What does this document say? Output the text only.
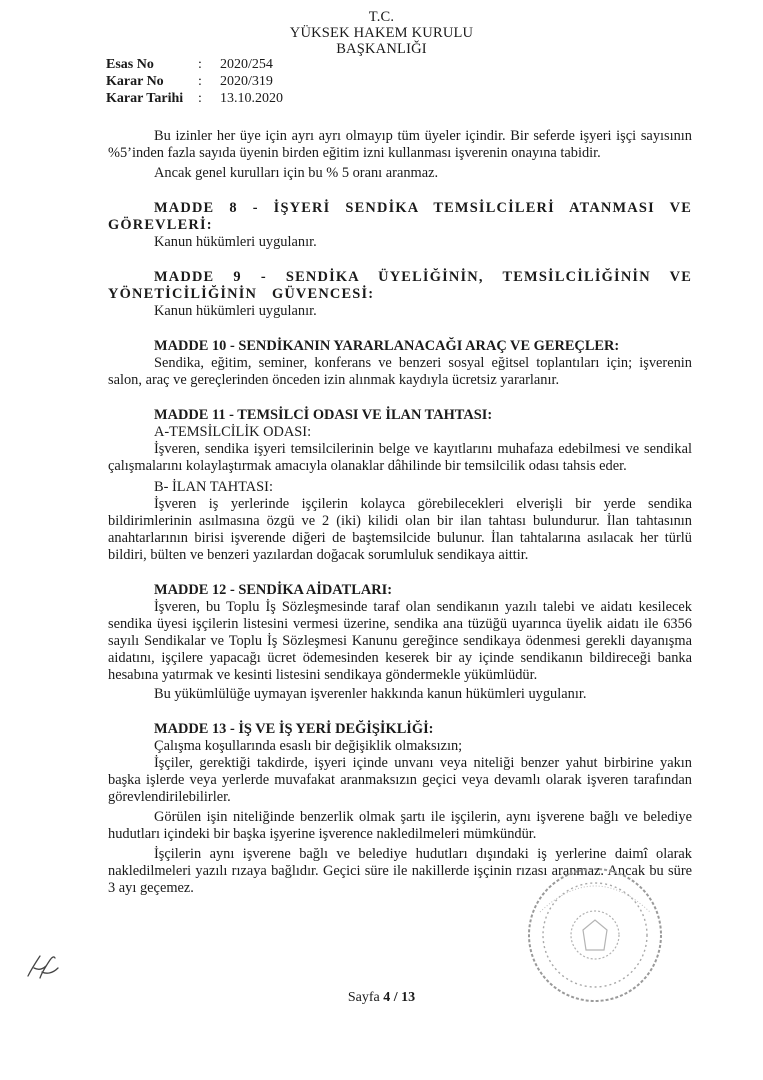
T.C.
YÜKSEK HAKEM KURULU
BAŞKANLIĞI
Esas No	:	2020/254
Karar No	:	2020/319
Karar Tarihi	:	13.10.2020

Bu izinler her üye için ayrı ayrı olmayıp tüm üyeler içindir. Bir seferde işyeri işçi sayısının %5’inden fazla sayıda üyenin birden eğitim izni kullanması işverenin onayına tabidir.

Ancak genel kurulları için bu % 5 oranı aranmaz.

MADDE 8 - İŞYERİ SENDİKA TEMSİLCİLERİ ATANMASI VE GÖREVLERİ:

Kanun hükümleri uygulanır.

MADDE 9 - SENDİKA ÜYELİĞİNİN, TEMSİLCİLİĞİNİN VE YÖNETİCİLİĞİNİN GÜVENCESİ:

Kanun hükümleri uygulanır.

MADDE 10 - SENDİKANIN YARARLANACAĞI ARAÇ VE GEREÇLER:

Sendika, eğitim, seminer, konferans ve benzeri sosyal eğitsel toplantıları için; işverenin salon, araç ve gereçlerinden önceden izin alınmak kaydıyla ücretsiz yararlanır.

MADDE 11 - TEMSİLCİ ODASI VE İLAN TAHTASI:

A-TEMSİLCİLİK ODASI:

İşveren, sendika işyeri temsilcilerinin belge ve kayıtlarını muhafaza edebilmesi ve sendikal çalışmalarını kolaylaştırmak amacıyla olanaklar dâhilinde bir temsilcilik odası tahsis eder.

B- İLAN TAHTASI:

İşveren iş yerlerinde işçilerin kolayca görebilecekleri elverişli bir yerde sendika bildirimlerinin asılmasına özgü ve 2 (iki) kilidi olan bir ilan tahtası bulundurur. İlan tahtasının anahtarlarının birisi işverende diğeri de baştemsilcide bulunur. İlan tahtalarına asılacak her türlü bildiri, bülten ve benzeri yazılardan doğacak sorumluluk sendikaya aittir.

MADDE 12 - SENDİKA AİDATLARI:

İşveren, bu Toplu İş Sözleşmesinde taraf olan sendikanın yazılı talebi ve aidatı kesilecek sendika üyesi işçilerin listesini vermesi üzerine, sendika ana tüzüğü uyarınca üyelik aidatı ile 6356 sayılı Sendikalar ve Toplu İş Sözleşmesi Kanunu gereğince sendikaya ödenmesi gerekli dayanışma aidatını, işçilere yapacağı ücret ödemesinden keserek bir ay içinde sendikanın bildireceği banka hesabına yatırmak ve kesinti listesini sendikaya göndermekle yükümlüdür.

Bu yükümlülüğe uymayan işverenler hakkında kanun hükümleri uygulanır.

MADDE 13 - İŞ VE İŞ YERİ DEĞİŞİKLİĞİ:

Çalışma koşullarında esaslı bir değişiklik olmaksızın;

İşçiler, gerektiği takdirde, işyeri içinde unvanı veya niteliği benzer yahut birbirine yakın başka işlerde veya yerlerde muvafakat aranmaksızın geçici veya devamlı olarak işveren tarafından görevlendirilebilirler.

Görülen işin niteliğinde benzerlik olmak şartı ile işçilerin, aynı işverene bağlı ve belediye hudutları içindeki bir başka işyerine işverence nakledilmeleri mümkündür.

İşçilerin aynı işverene bağlı ve belediye hudutları dışındaki iş yerlerine daimî olarak nakledilmeleri yazılı rızaya bağlıdır. Geçici süre ile nakillerde işçinin rızası aranmaz. Ancak bu süre 3 ayı geçemez.

Sayfa 4 / 13
